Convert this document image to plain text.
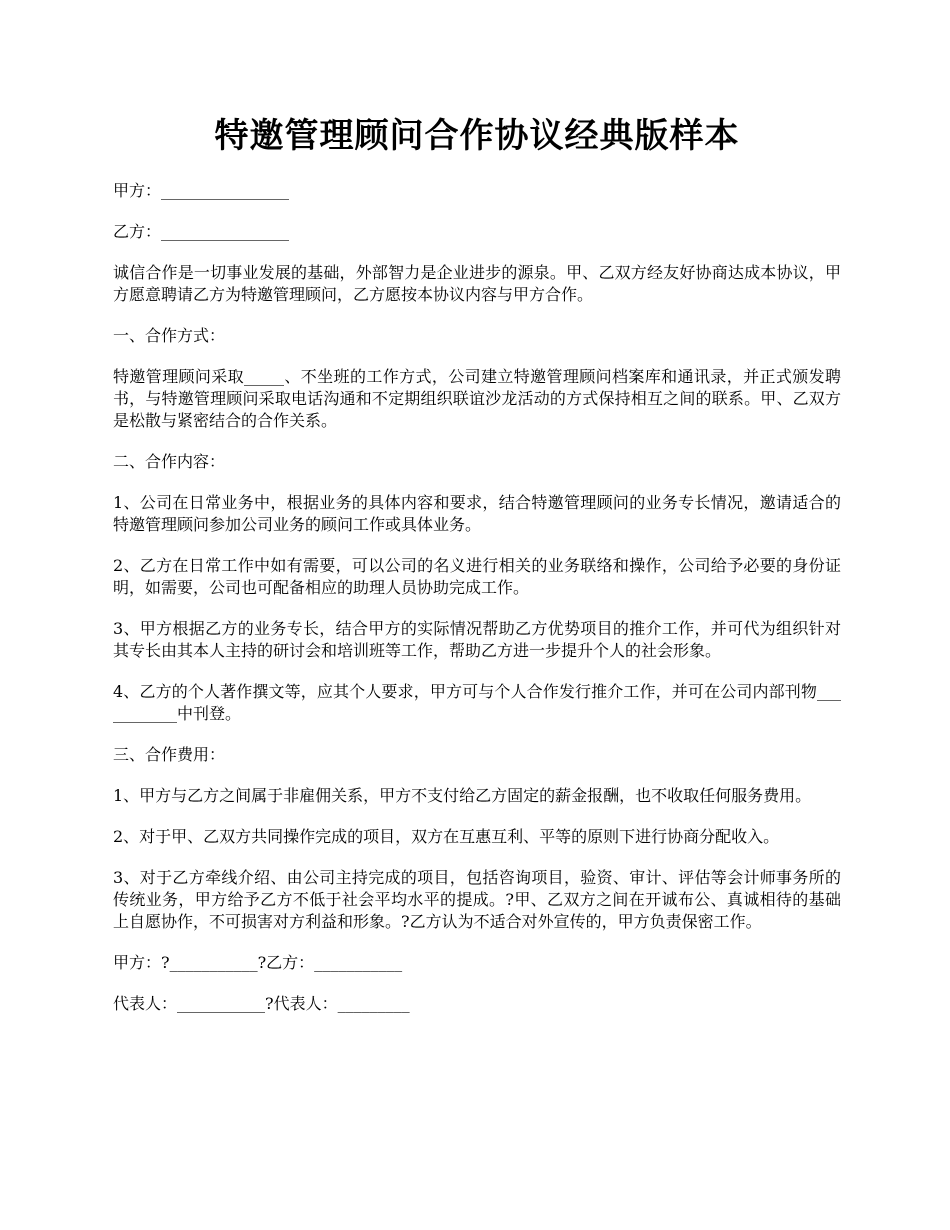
特邀管理顾问合作协议经典版样本

甲方：________________

乙方：________________

诚信合作是一切事业发展的基础，外部智力是企业进步的源泉。甲、乙双方经友好协商达成本协议，甲方愿意聘请乙方为特邀管理顾问，乙方愿按本协议内容与甲方合作。

一、合作方式：

特邀管理顾问采取_____、不坐班的工作方式，公司建立特邀管理顾问档案库和通讯录，并正式颁发聘书，与特邀管理顾问采取电话沟通和不定期组织联谊沙龙活动的方式保持相互之间的联系。甲、乙双方是松散与紧密结合的合作关系。

二、合作内容：

1、公司在日常业务中，根据业务的具体内容和要求，结合特邀管理顾问的业务专长情况，邀请适合的特邀管理顾问参加公司业务的顾问工作或具体业务。

2、乙方在日常工作中如有需要，可以公司的名义进行相关的业务联络和操作，公司给予必要的身份证明，如需要，公司也可配备相应的助理人员协助完成工作。

3、甲方根据乙方的业务专长，结合甲方的实际情况帮助乙方优势项目的推介工作，并可代为组织针对其专长由其本人主持的研讨会和培训班等工作，帮助乙方进一步提升个人的社会形象。

4、乙方的个人著作撰文等，应其个人要求，甲方可与个人合作发行推介工作，并可在公司内部刊物___________中刊登。

三、合作费用：

1、甲方与乙方之间属于非雇佣关系，甲方不支付给乙方固定的薪金报酬，也不收取任何服务费用。

2、对于甲、乙双方共同操作完成的项目，双方在互惠互利、平等的原则下进行协商分配收入。

3、对于乙方牵线介绍、由公司主持完成的项目，包括咨询项目，验资、审计、评估等会计师事务所的传统业务，甲方给予乙方不低于社会平均水平的提成。?甲、乙双方之间在开诚布公、真诚相待的基础上自愿协作，不可损害对方利益和形象。?乙方认为不适合对外宣传的，甲方负责保密工作。

甲方：?___________?乙方：___________

代表人：___________?代表人：_________
